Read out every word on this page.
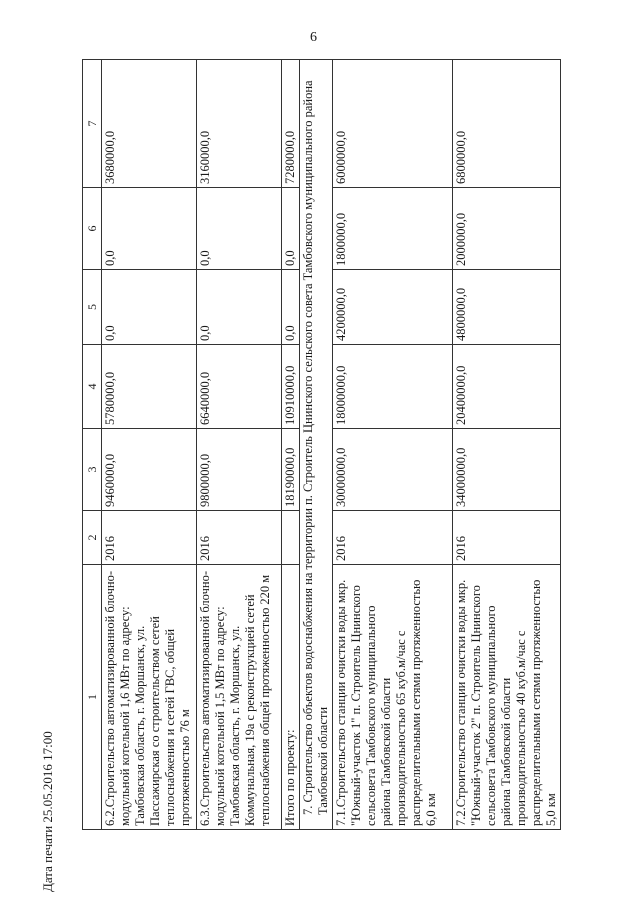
6
1	2	3	4	5	6	7
6.2.Строительство автоматизированной блочно-модульной котельной 1,6 МВт по адресу: Тамбовская область, г. Моршанск, ул. Пассажирская со строительством сетей теплоснабжения и сетей ГВС, общей протяженностью 76 м	2016	9460000,0	5780000,0	0,0	0,0	3680000,0
6.3.Строительство автоматизированной блочно-модульной котельной 1,5 МВт по адресу: Тамбовская область, г. Моршанск, ул. Коммунальная, 19а с реконструкцией сетей теплоснабжения общей протяженностью 220 м	2016	9800000,0	6640000,0	0,0	0,0	3160000,0
Итого по проекту:		18190000,0	10910000,0	0,0	0,0	7280000,0
7. Строительство объектов водоснабжения на территории п. Строитель Цнинского сельского совета Тамбовского муниципального района Тамбовской области						
7.1.Строительство станции очистки воды мкр. "Южный-участок 1" п. Строитель Цнинского сельсовета Тамбовского муниципального района Тамбовской области производительностью 65 куб.м/час с распределительными сетями протяженностью 6,0 км	2016	30000000,0	18000000,0	4200000,0	1800000,0	6000000,0
7.2.Строительство станции очистки воды мкр. "Южный-участок 2" п. Строитель Цнинского сельсовета Тамбовского муниципального района Тамбовской области производительностью 40 куб.м/час с распределительными сетями протяженностью 5,0 км	2016	34000000,0	20400000,0	4800000,0	2000000,0	6800000,0
Дата печати 25.05.2016 17:00
